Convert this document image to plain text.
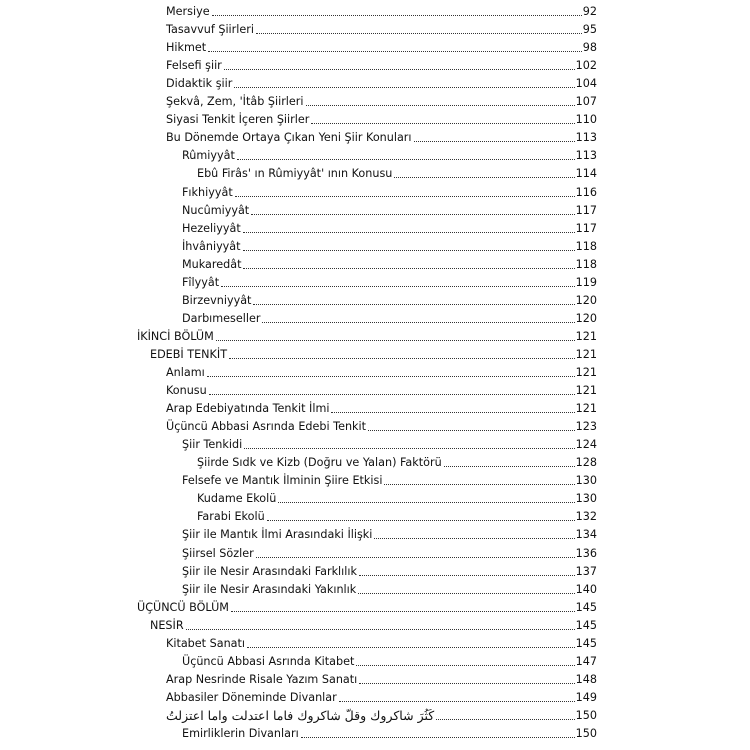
Mersiye	92
Tasavvuf Şiirleri	95
Hikmet	98
Felsefi şiir	102
Didaktik şiir	104
Şekvâ, Zem, 'İtâb Şiirleri	107
Siyasi Tenkit İçeren Şiirler	110
Bu Dönemde Ortaya Çıkan Yeni Şiir Konuları	113
Rûmiyyât	113
Ebû Firâs' ın Rûmiyyât' ının Konusu	114
Fıkhiyyât	116
Nucûmiyyât	117
Hezeliyyât	117
İhvâniyyât	118
Mukaredât	118
Fîlyyât	119
Birzevniyyât	120
Darbımeseller	120
İKİNCİ BÖLÜM	121
EDEBİ TENKİT	121
Anlamı	121
Konusu	121
Arap Edebiyatında Tenkit İlmi	121
Üçüncü Abbasi Asrında Edebi Tenkit	123
Şiir Tenkidi	124
Şiirde Sıdk ve Kizb (Doğru ve Yalan) Faktörü	128
Felsefe ve Mantık İlminin Şiire Etkisi	130
Kudame Ekolü	130
Farabi Ekolü	132
Şiir ile Mantık İlmi Arasındaki İlişki	134
Şiirsel Sözler	136
Şiir ile Nesir Arasındaki Farklılık	137
Şiir ile Nesir Arasındaki Yakınlık	140
ÜÇÜNCÜ BÖLÜM	145
NESİR	145
Kitabet Sanatı	145
Üçüncü Abbasi Asrında Kitabet	147
Arap Nesrinde Risale Yazım Sanatı	148
Abbasiler Döneminde Divanlar	149
كَثُرَ شاكروك وقلّ شاكروك فاما اعتدلت واما اعتزلتُ	150
Emirliklerin Divanları	150
